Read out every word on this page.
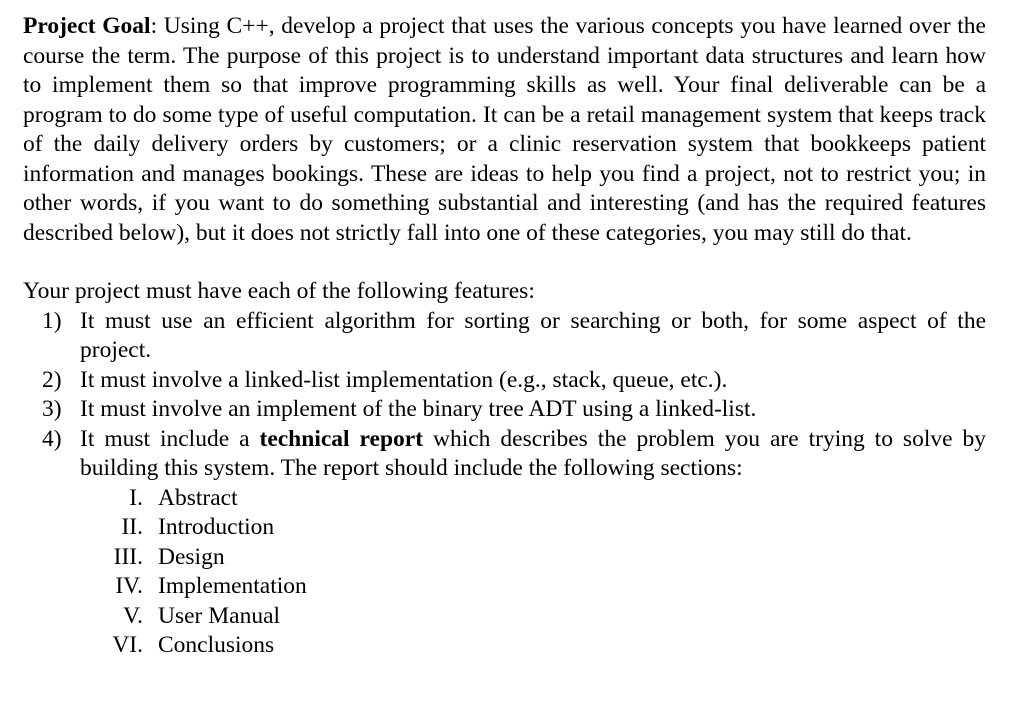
Project Goal: Using C++, develop a project that uses the various concepts you have learned over the course the term. The purpose of this project is to understand important data structures and learn how to implement them so that improve programming skills as well. Your final deliverable can be a program to do some type of useful computation. It can be a retail management system that keeps track of the daily delivery orders by customers; or a clinic reservation system that bookkeeps patient information and manages bookings. These are ideas to help you find a project, not to restrict you; in other words, if you want to do something substantial and interesting (and has the required features described below), but it does not strictly fall into one of these categories, you may still do that.

Your project must have each of the following features:

1) It must use an efficient algorithm for sorting or searching or both, for some aspect of the project.
2) It must involve a linked-list implementation (e.g., stack, queue, etc.).
3) It must involve an implement of the binary tree ADT using a linked-list.
4) It must include a technical report which describes the problem you are trying to solve by building this system. The report should include the following sections:
I. Abstract
II. Introduction
III. Design
IV. Implementation
V. User Manual
VI. Conclusions
